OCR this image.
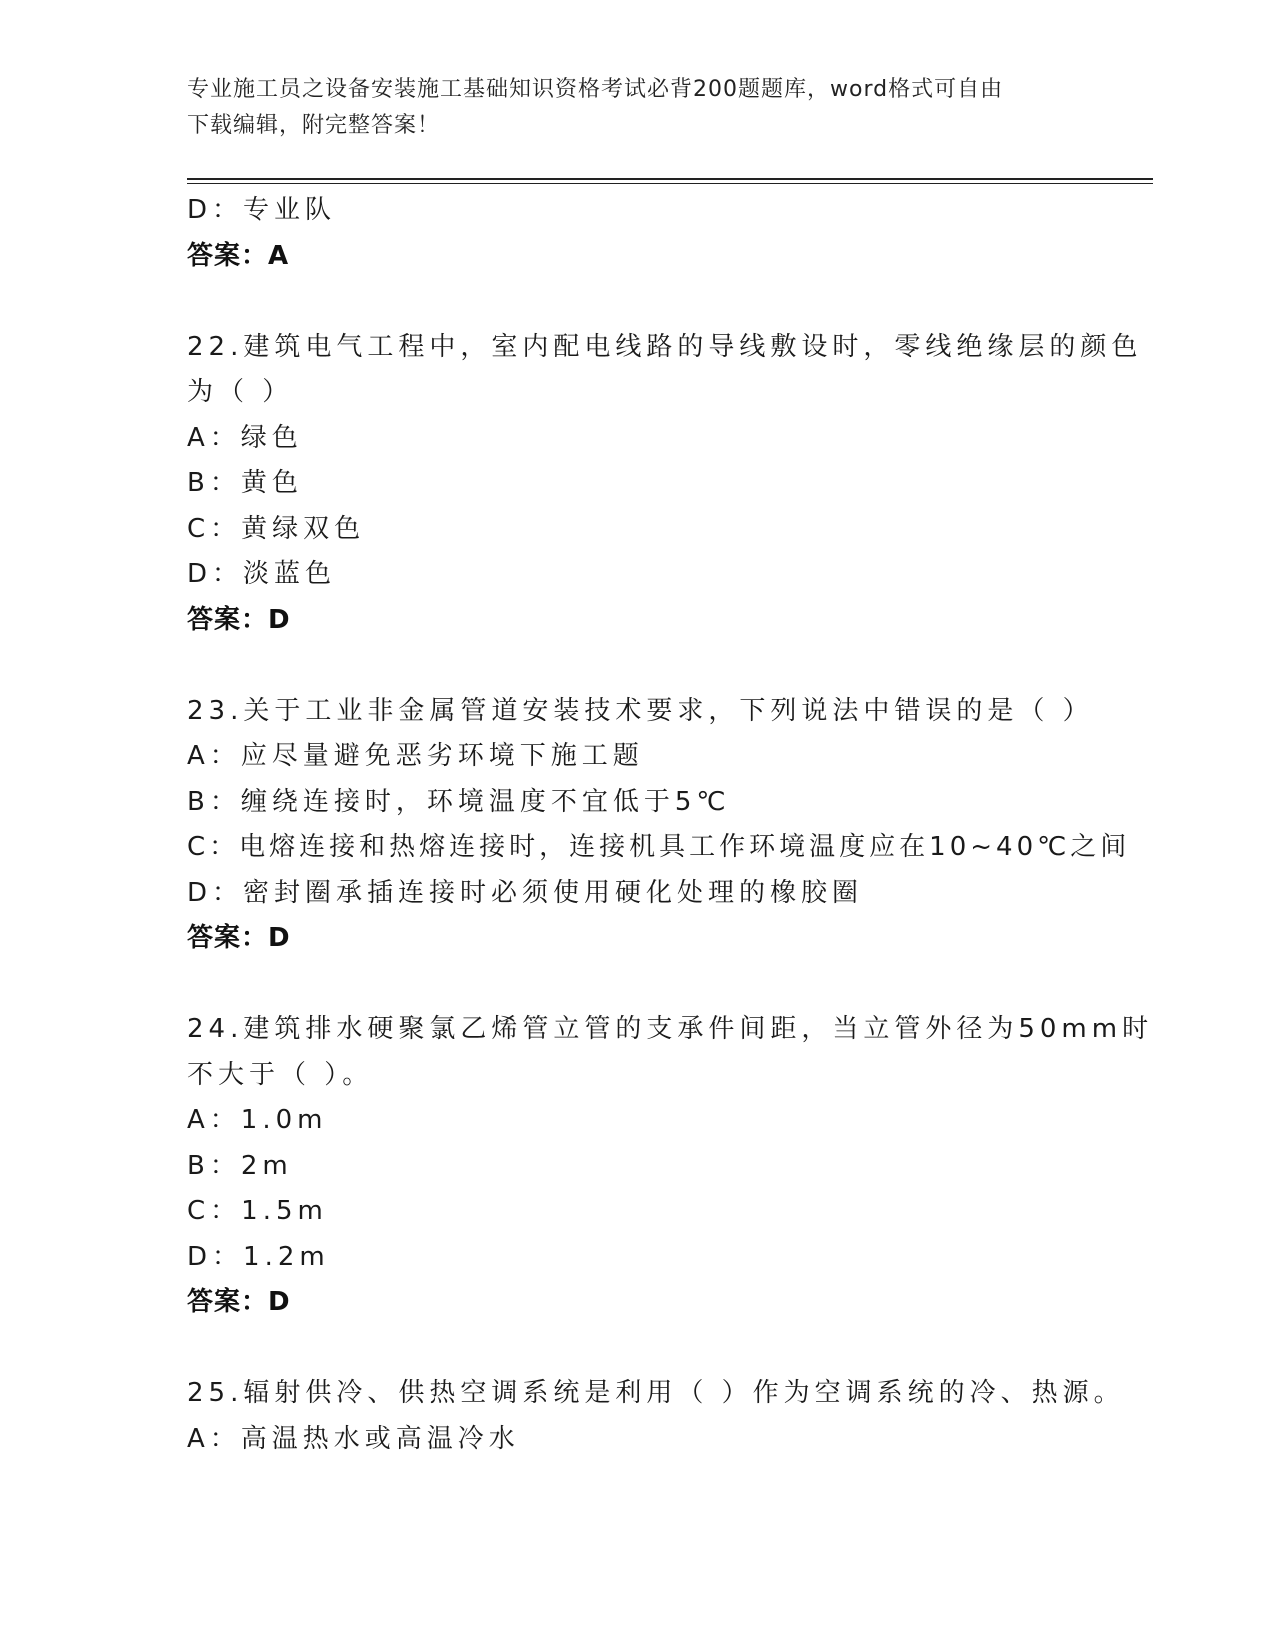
专业施工员之设备安装施工基础知识资格考试必背200题题库，word格式可自由
下载编辑，附完整答案！
D：专业队
答案：A
22.建筑电气工程中，室内配电线路的导线敷设时，零线绝缘层的颜色
为（ ）
A：绿色
B：黄色
C：黄绿双色
D：淡蓝色
答案：D
23.关于工业非金属管道安装技术要求，下列说法中错误的是（ ）
A：应尽量避免恶劣环境下施工题
B：缠绕连接时，环境温度不宜低于5℃
C：电熔连接和热熔连接时，连接机具工作环境温度应在10~40℃之间
D：密封圈承插连接时必须使用硬化处理的橡胶圈
答案：D
24.建筑排水硬聚氯乙烯管立管的支承件间距，当立管外径为50mm时
不大于（ ）。
A：1.0m
B：2m
C：1.5m
D：1.2m
答案：D
25.辐射供冷、供热空调系统是利用（ ）作为空调系统的冷、热源。
A：高温热水或高温冷水
